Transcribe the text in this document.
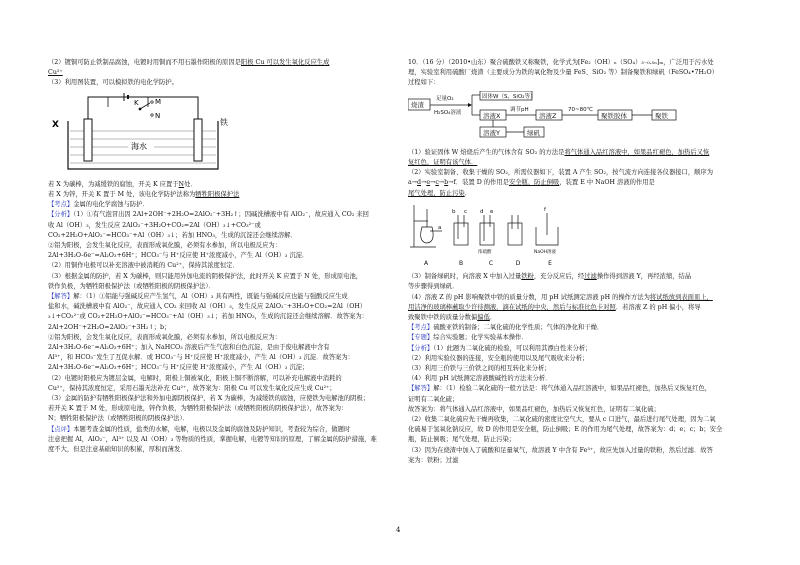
（2）镀铜可防止铁制品腐蚀，电镀时用铜而不用石墨作阳极的原因是阳极 Cu 可以发生氧化反应生成

Cu²⁺

（3）利用图装置，可以模拟铁的电化学防护。

K M
N
海水
X	铁

若 X 为碳棒，为减缓铁的腐蚀，开关 K 应置于N处．

若 X 为锌，开关 K 置于 M 处，该电化学防护法称为牺牲阳极保护法

【考点】金属的电化学腐蚀与防护．

【分析】（1）①有气泡冒出因 2Al+2OH⁻+2H₂O=2AlO₂⁻+3H₂↑；因碱洗槽液中有 AlO₂⁻，故应通入 CO₂ 来回

收 Al（OH）₃，发生反应 2AlO₂⁻+3H₂O+CO₂=2Al（OH）₃↓+CO₃²⁻或

CO₂+2H₂O+AlO₂⁻=HCO₃⁻+Al（OH）₃↓；若加 HNO₃，生成的沉淀还会继续溶解．

②铝为阳极，会发生氧化反应，表面形成氧化膜，必须有水参加，所以电极反应为：

2Al+3H₂O-6e⁻=Al₂O₃+6H⁺；HCO₃⁻与 H⁺反应使 H⁺浓度减小，产生 Al（OH）₃ 沉淀．

（2）用铜作电极可以补充溶液中被消耗的 Cu²⁺，保持其浓度恒定．

（3）根据金属的防护，若 X 为碳棒，则只能用外加电流的阴极保护法，此时开关 K 应置于 N 处，形成原电池，

铁作负极，为牺牲阳极保护法（或牺牲阳极的阴极保护法）．

【解答】解：（1）①铝能与强碱反应产生氢气，Al（OH）₃ 具有两性，既能与强碱反应也能与强酸反应生成

盐和水，碱洗槽液中有 AlO₂⁻，故应通入 CO₂ 来回收 Al（OH）₃，发生反应 2AlO₂⁻+3H₂O+CO₂=2Al（OH）

₃↓+CO₃²⁻或 CO₂+2H₂O+AlO₂⁻=HCO₃⁻+Al（OH）₃↓；若加 HNO₃，生成的沉淀还会继续溶解．故答案为：

2Al+2OH⁻+2H₂O=2AlO₂⁻+3H₂↑；b；

②铝为阳极，会发生氧化反应，表面形成氧化膜，必须有水参加，所以电极反应为：

2Al+3H₂O-6e⁻=Al₂O₃+6H⁺；加入 NaHCO₃ 溶液后产生气泡和白色沉淀，是由于废电解液中含有

Al³⁺，和 HCO₃⁻发生了互促水解．或 HCO₃⁻与 H⁺反应使 H⁺浓度减小，产生 Al（OH）₃ 沉淀．故答案为：

2Al+3H₂O-6e⁻=Al₂O₃+6H⁺；HCO₃⁻与 H⁺反应使 H⁺浓度减小，产生 Al（OH）₃ 沉淀；

（2）电镀时阳极应为镀层金属，电解时，阳极上铜被氧化，阳极上铜不断溶解，可以补充电解液中消耗的

Cu²⁺，保持其浓度恒定，采用石墨无法补充 Cu²⁺，故答案为：阳极 Cu 可以发生氧化反应生成 Cu²⁺；

（3）金属的防护有牺牲阳极保护法和外加电源阴极保护，若 X 为碳棒，为减缓铁的腐蚀，应使铁为电解池的阴极；

若开关 K 置于 M 处，形成原电池，锌作负极，为牺牲阳极保护法（或牺牲阳极的阴极保护法），故答案为：

N；牺牲阳极保护法（或牺牲阳极的阴极保护法）．

【点评】本题考查金属的性质，盐类的水解，电解，电极以及金属的腐蚀及防护知识，考查较为综合，做题时

注意把握 Al，AlO₂⁻，Al³⁺ 以及 Al（OH）₃ 等物质的性质，掌握电解，电镀等知识的原理，了解金属的防护措施，难

度不大，但是注意基础知识的积累，厚积而薄发．

10．（16 分）（2010•山东）聚合硫酸铁又称聚铁，化学式为[Fe₂（OH）ₙ（SO₄）₃₋₀.₅ₙ]ₘ，广泛用于污水处

理，实验室利用硫酸厂烧渣（主要成分为铁的氧化物及少量 FeS、SiO₂ 等）制备聚铁和绿矾（FeSO₄•7H₂O）

过程如下：

烧渣
足量O₂
H₂SO₄溶液
固体W（S、SiO₂等）
溶液X
调节pH
溶液Z
70~80℃
聚铁胶体	聚铁
溶液Y	绿矾

（1）验证固体 W 焙烧后产生的气体含有 SO₂ 的方法是将气体通入品红溶液中，如果品红褪色，加热后又恢

复红色，证明有该气体．

（2）实验室制备、收集干燥的 SO₂，所需仪器如下，装置 A 产生 SO₂，按气流方向连接各仪器接口，顺序为

a→d→e→c→b→f．装置 D 的作用是安全瓶，防止倒吸，装置 E 中 NaOH 溶液的作用是

尾气处理，防止污染．

b c d e
a
f
浓硫酸	NaOH溶液
A	B	C	D	E

（3）制备绿矾时，向溶液 X 中加入过量铁粉，充分反应后，经过滤操作得到溶液 Y，再经浓缩，结晶

等步骤得到绿矾．

（4）溶液 Z 的 pH 影响聚铁中铁的质量分数，用 pH 试纸测定溶液 pH 的操作方法为将试纸放到表面皿上，

用洁净的玻璃棒蘸取少许待测液，滴在试纸的中央，然后与标准比色卡对照．若溶液 Z 的 pH 偏小，将导

致聚铁中铁的质量分数偏偏低．

【考点】硫酸亚铁的制备；二氧化硫的化学性质；气体的净化和干燥．

【专题】综合实验题；化学实验基本操作．

【分析】（1）此题为二氧化硫的检验，可以利用其漂白性来分析；

（2）利用实验仪器的连接，安全瓶的使用以及尾气吸收来分析；

（3）利用三价铁与三价铁之间的相互转化来分析；

（4）利用 pH 试纸测定溶液酸碱性的方法来分析．

【解答】解：（1）检验二氧化硫的一般方法是：将气体通入品红溶液中，如果品红褪色，加热后又恢复红色，

证明有二氧化硫；

故答案为：将气体通入品红溶液中，如果品红褪色，加热后又恢复红色，证明有二氧化硫；

（2）收集二氧化硫应先干燥再收集，二氧化硫的密度比空气大，要从 c 口进气，最后进行尾气处理，因为二氧

化硫易于氢氧化钠反应，故 D 的作用是安全瓶，防止倒吸；E 的作用为尾气处理，故答案为：d；e；c；b；安全

瓶，防止倒吸；尾气处理，防止污染；

（3）因为在烧渣中加入了硫酸和足量氧气，故溶液 Y 中含有 Fe³⁺，故应先加入过量的铁粉，然后过滤．故答

案为：铁粉；过滤

4
